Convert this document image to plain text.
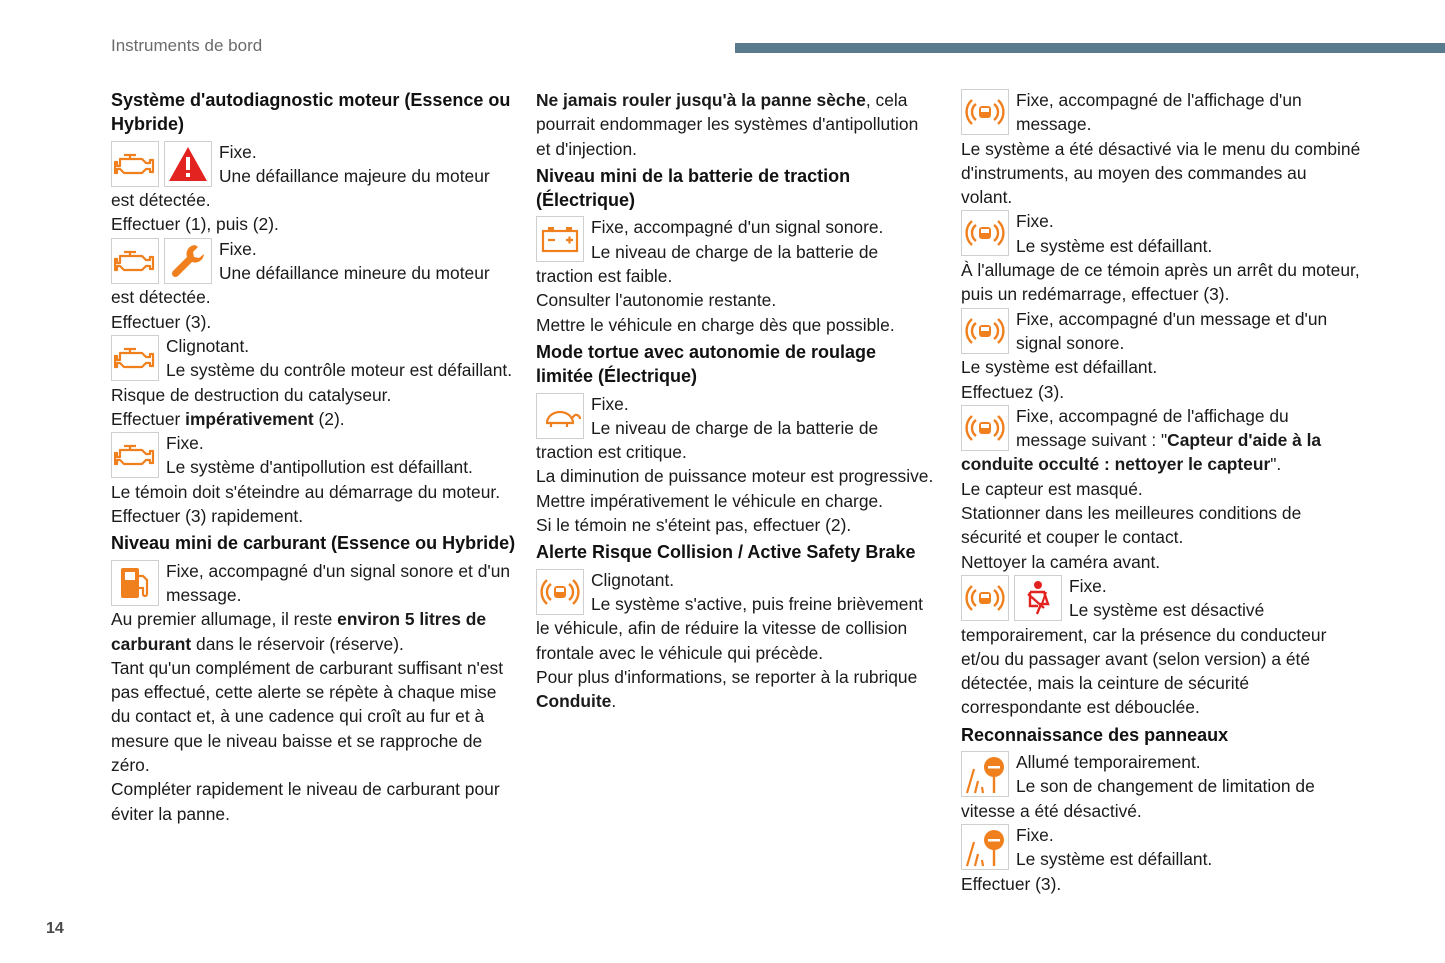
Instruments de bord
Système d'autodiagnostic moteur (Essence ou Hybride)

Fixe.

Une défaillance majeure du moteur est détectée.

Effectuer (1), puis (2).

Fixe.

Une défaillance mineure du moteur est détectée.

Effectuer (3).

Clignotant.

Le système du contrôle moteur est défaillant.

Risque de destruction du catalyseur.

Effectuer impérativement (2).

Fixe.

Le système d'antipollution est défaillant.

Le témoin doit s'éteindre au démarrage du moteur.

Effectuer (3) rapidement.

Niveau mini de carburant (Essence ou Hybride)

Fixe, accompagné d'un signal sonore et d'un message.

Au premier allumage, il reste environ 5 litres de carburant dans le réservoir (réserve).

Tant qu'un complément de carburant suffisant n'est pas effectué, cette alerte se répète à chaque mise du contact et, à une cadence qui croît au fur et à mesure que le niveau baisse et se rapproche de zéro.

Compléter rapidement le niveau de carburant pour éviter la panne.

Ne jamais rouler jusqu'à la panne sèche, cela pourrait endommager les systèmes d'antipollution et d'injection.

Niveau mini de la batterie de traction (Électrique)

Fixe, accompagné d'un signal sonore.

Le niveau de charge de la batterie de traction est faible.

Consulter l'autonomie restante.

Mettre le véhicule en charge dès que possible.

Mode tortue avec autonomie de roulage limitée (Électrique)

Fixe.

Le niveau de charge de la batterie de traction est critique.

La diminution de puissance moteur est progressive.

Mettre impérativement le véhicule en charge.

Si le témoin ne s'éteint pas, effectuer (2).

Alerte Risque Collision / Active Safety Brake

Clignotant.

Le système s'active, puis freine brièvement le véhicule, afin de réduire la vitesse de collision frontale avec le véhicule qui précède.

Pour plus d'informations, se reporter à la rubrique Conduite.

Fixe, accompagné de l'affichage d'un message.

Le système a été désactivé via le menu du combiné d'instruments, au moyen des commandes au volant.

Fixe.

Le système est défaillant.

À l'allumage de ce témoin après un arrêt du moteur, puis un redémarrage, effectuer (3).

Fixe, accompagné d'un message et d'un signal sonore.

Le système est défaillant.

Effectuez (3).

Fixe, accompagné de l'affichage du message suivant : "Capteur d'aide à la conduite occulté : nettoyer le capteur".

Le capteur est masqué.

Stationner dans les meilleures conditions de sécurité et couper le contact.

Nettoyer la caméra avant.

Fixe.

Le système est désactivé temporairement, car la présence du conducteur et/ou du passager avant (selon version) a été détectée, mais la ceinture de sécurité correspondante est débouclée.

Reconnaissance des panneaux

Allumé temporairement.

Le son de changement de limitation de vitesse a été désactivé.

Fixe.

Le système est défaillant.

Effectuer (3).

14
